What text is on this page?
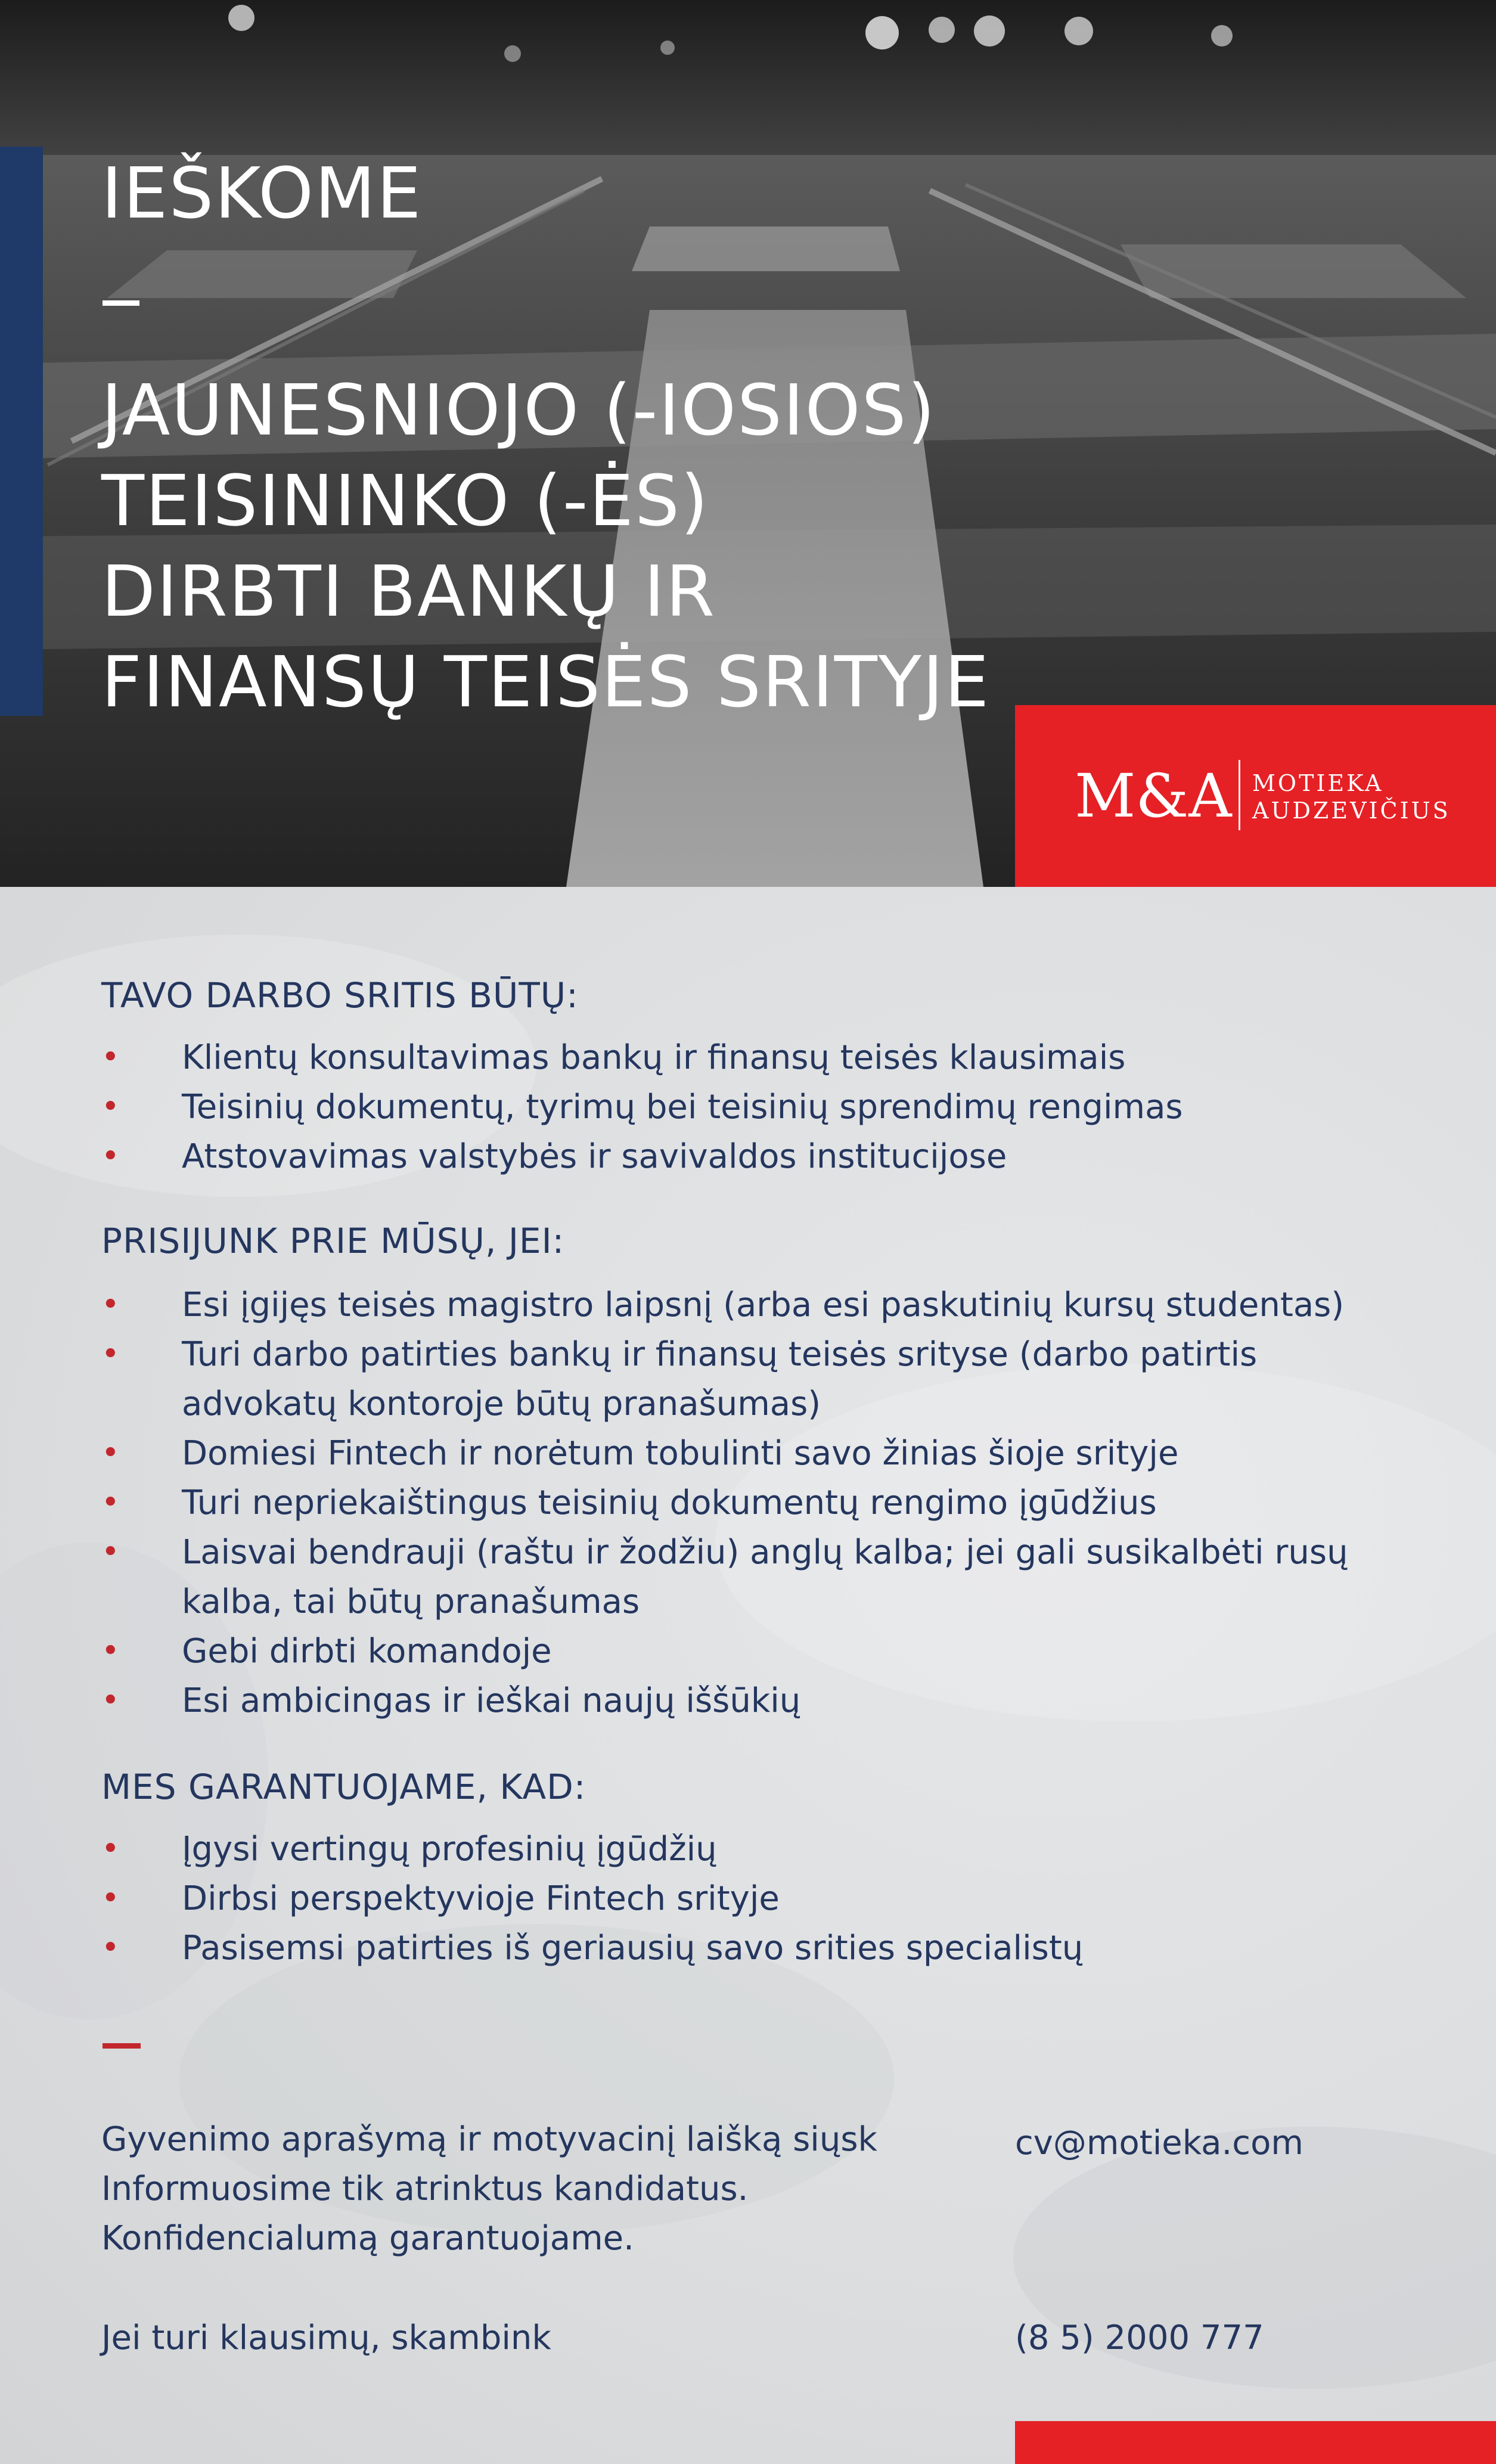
IEŠKOME
JAUNESNIOJO (-IOSIOS)
TEISININKO (-ĖS)
DIRBTI BANKŲ IR
FINANSŲ TEISĖS SRITYJE
M&A MOTIEKA
AUDZEVIČIUS
TAVO DARBO SRITIS BŪTŲ:
• Klientų konsultavimas bankų ir finansų teisės klausimais
• Teisinių dokumentų, tyrimų bei teisinių sprendimų rengimas
• Atstovavimas valstybės ir savivaldos institucijose
PRISIJUNK PRIE MŪSŲ, JEI:
• Esi įgijęs teisės magistro laipsnį (arba esi paskutinių kursų studentas)
• Turi darbo patirties bankų ir finansų teisės srityse (darbo patirtis advokatų kontoroje būtų pranašumas)
• Domiesi Fintech ir norėtum tobulinti savo žinias šioje srityje
• Turi nepriekaištingus teisinių dokumentų rengimo įgūdžius
• Laisvai bendrauji (raštu ir žodžiu) anglų kalba; jei gali susikalbėti rusų kalba, tai būtų pranašumas
• Gebi dirbti komandoje
• Esi ambicingas ir ieškai naujų iššūkių
MES GARANTUOJAME, KAD:
• Įgysi vertingų profesinių įgūdžių
• Dirbsi perspektyvioje Fintech srityje
• Pasisemsi patirties iš geriausių savo srities specialistų
Gyvenimo aprašymą ir motyvacinį laišką siųsk
Informuosime tik atrinktus kandidatus.
Konfidencialumą garantuojame.
cv@motieka.com
Jei turi klausimų, skambink	(8 5) 2000 777
